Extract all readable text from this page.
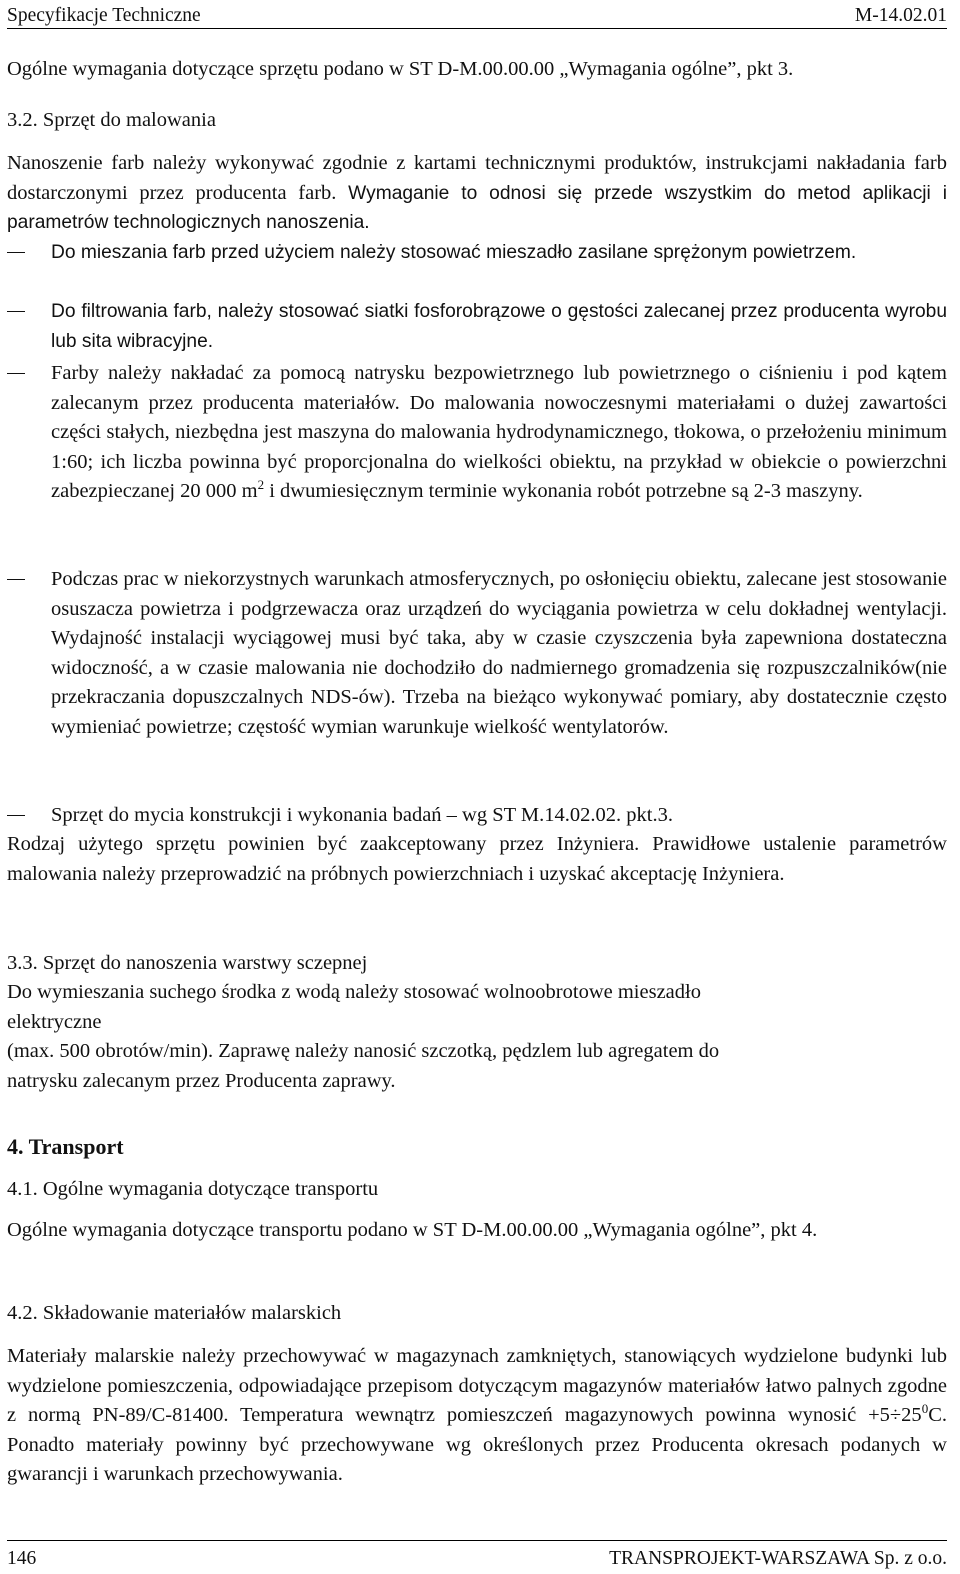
Specyfikacje Techniczne	M-14.02.01
Ogólne wymagania dotyczące sprzętu podano w ST D-M.00.00.00 „Wymagania ogólne”, pkt 3.
3.2. Sprzęt do malowania
Nanoszenie farb należy wykonywać zgodnie z kartami technicznymi produktów, instrukcjami nakładania farb dostarczonymi przez producenta farb. Wymaganie to odnosi się przede wszystkim do metod aplikacji i parametrów technologicznych nanoszenia.
Do mieszania farb przed użyciem należy stosować mieszadło zasilane sprężonym powietrzem.
Do filtrowania farb, należy stosować siatki fosforobrązowe o gęstości zalecanej przez producenta wyrobu lub sita wibracyjne.
Farby należy nakładać za pomocą natrysku bezpowietrznego lub powietrznego o ciśnieniu i pod kątem zalecanym przez producenta materiałów. Do malowania nowoczesnymi materiałami o dużej zawartości części stałych, niezbędna jest maszyna do malowania hydrodynamicznego, tłokowa, o przełożeniu minimum 1:60; ich liczba powinna być proporcjonalna do wielkości obiektu, na przykład w obiekcie o powierzchni zabezpieczanej 20 000 $m^2$ i dwumiesięcznym terminie wykonania robót potrzebne są 2-3 maszyny.
Podczas prac w niekorzystnych warunkach atmosferycznych, po osłonięciu obiektu, zalecane jest stosowanie osuszacza powietrza i podgrzewacza oraz urządzeń do wyciągania powietrza w celu dokładnej wentylacji. Wydajność instalacji wyciągowej musi być taka, aby w czasie czyszczenia była zapewniona dostateczna widoczność, a w czasie malowania nie dochodziło do nadmiernego gromadzenia się rozpuszczalników(nie przekraczania dopuszczalnych NDS-ów). Trzeba na bieżąco wykonywać pomiary, aby dostatecznie często wymieniać powietrze; częstość wymian warunkuje wielkość wentylatorów.
Sprzęt do mycia konstrukcji i wykonania badań – wg ST M.14.02.02. pkt.3.
Rodzaj użytego sprzętu powinien być zaakceptowany przez Inżyniera. Prawidłowe ustalenie parametrów malowania należy przeprowadzić na próbnych powierzchniach i uzyskać akceptację Inżyniera.
3.3. Sprzęt do nanoszenia warstwy sczepnej
Do wymieszania suchego środka z wodą należy stosować wolnoobrotowe mieszadło
elektryczne
(max. 500 obrotów/min). Zaprawę należy nanosić szczotką, pędzlem lub agregatem do
natrysku zalecanym przez Producenta zaprawy.
4. Transport
4.1. Ogólne wymagania dotyczące transportu
Ogólne wymagania dotyczące transportu podano w ST D-M.00.00.00 „Wymagania ogólne”, pkt 4.
4.2. Składowanie materiałów malarskich
Materiały malarskie należy przechowywać w magazynach zamkniętych, stanowiących wydzielone budynki lub wydzielone pomieszczenia, odpowiadające przepisom dotyczącym magazynów materiałów łatwo palnych zgodne z normą PN-89/C-81400. Temperatura wewnątrz pomieszczeń magazynowych powinna wynosić $+5\div 25^0C$. Ponadto materiały powinny być przechowywane wg określonych przez Producenta okresach podanych w gwarancji i warunkach przechowywania.
146	TRANSPROJEKT-WARSZAWA Sp. z o.o.
